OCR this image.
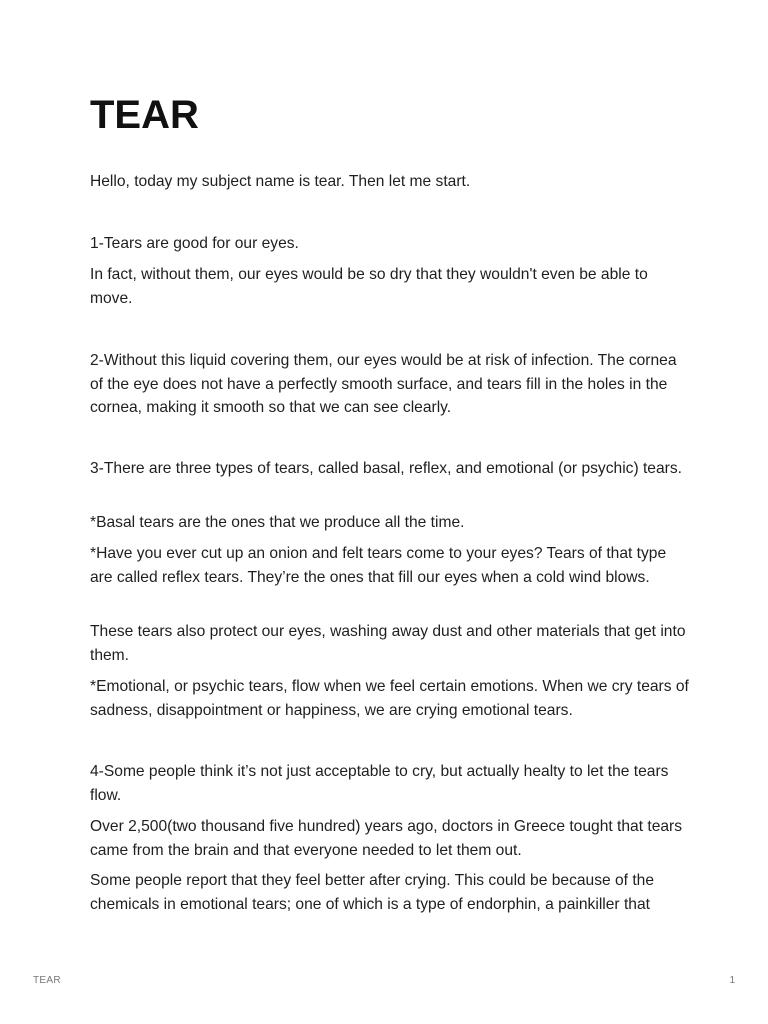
TEAR

Hello, today my subject name is tear. Then let me start.

1-Tears are good for our eyes.

In fact, without them, our eyes would be so dry that they wouldn't even be able to move.

2-Without this liquid covering them, our eyes would be at risk of infection. The cornea of the eye does not have a perfectly smooth surface, and tears fill in the holes in the cornea, making it smooth so that we can see clearly.

3-There are three types of tears, called basal, reflex, and emotional (or psychic) tears.

*Basal tears are the ones that we produce all the time.

*Have you ever cut up an onion and felt tears come to your eyes? Tears of that type are called reflex tears. They’re the ones that fill our eyes when a cold wind blows.

These tears also protect our eyes, washing away dust and other materials that get into them.

*Emotional, or psychic tears, flow when we feel certain emotions. When we cry tears of sadness, disappointment or happiness, we are crying emotional tears.

4-Some people think it’s not just acceptable to cry, but actually healty to let the tears flow.

Over 2,500(two thousand five hundred) years ago, doctors in Greece tought that tears came from the brain and that everyone needed to let them out.

Some people report that they feel better after crying. This could be because of the chemicals in emotional tears; one of which is a type of endorphin, a painkiller that

TEAR	1
